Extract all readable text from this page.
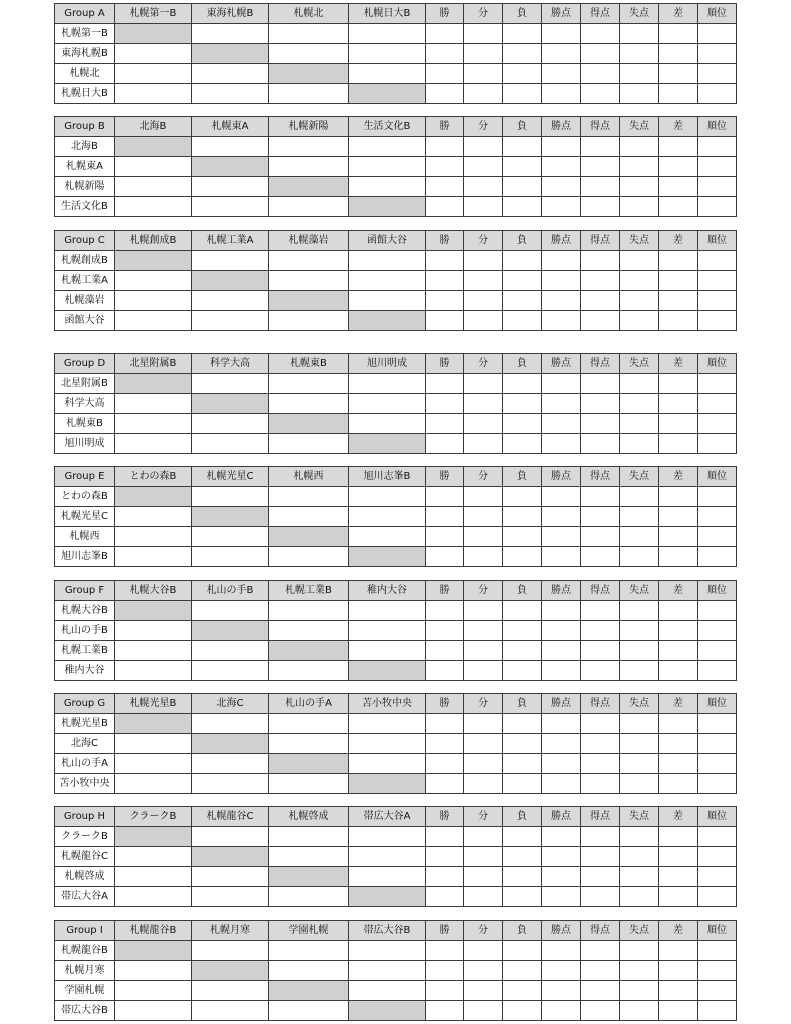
Group A	札幌第一B	東海札幌B	札幌北	札幌日大B	勝	分	負	勝点	得点	失点	差	順位
札幌第一B												
東海札幌B												
札幌北												
札幌日大B												
Group B	北海B	札幌東A	札幌新陽	生活文化B	勝	分	負	勝点	得点	失点	差	順位
北海B												
札幌東A												
札幌新陽												
生活文化B												
Group C	札幌創成B	札幌工業A	札幌藻岩	函館大谷	勝	分	負	勝点	得点	失点	差	順位
札幌創成B												
札幌工業A												
札幌藻岩												
函館大谷												
Group D	北星附属B	科学大高	札幌東B	旭川明成	勝	分	負	勝点	得点	失点	差	順位
北星附属B												
科学大高												
札幌東B												
旭川明成												
Group E	とわの森B	札幌光星C	札幌西	旭川志峯B	勝	分	負	勝点	得点	失点	差	順位
とわの森B												
札幌光星C												
札幌西												
旭川志峯B												
Group F	札幌大谷B	札山の手B	札幌工業B	稚内大谷	勝	分	負	勝点	得点	失点	差	順位
札幌大谷B												
札山の手B												
札幌工業B												
稚内大谷												
Group G	札幌光星B	北海C	札山の手A	苫小牧中央	勝	分	負	勝点	得点	失点	差	順位
札幌光星B												
北海C												
札山の手A												
苫小牧中央												
Group H	クラークB	札幌龍谷C	札幌啓成	帯広大谷A	勝	分	負	勝点	得点	失点	差	順位
クラークB												
札幌龍谷C												
札幌啓成												
帯広大谷A												
Group I	札幌龍谷B	札幌月寒	学園札幌	帯広大谷B	勝	分	負	勝点	得点	失点	差	順位
札幌龍谷B												
札幌月寒												
学園札幌												
帯広大谷B												
